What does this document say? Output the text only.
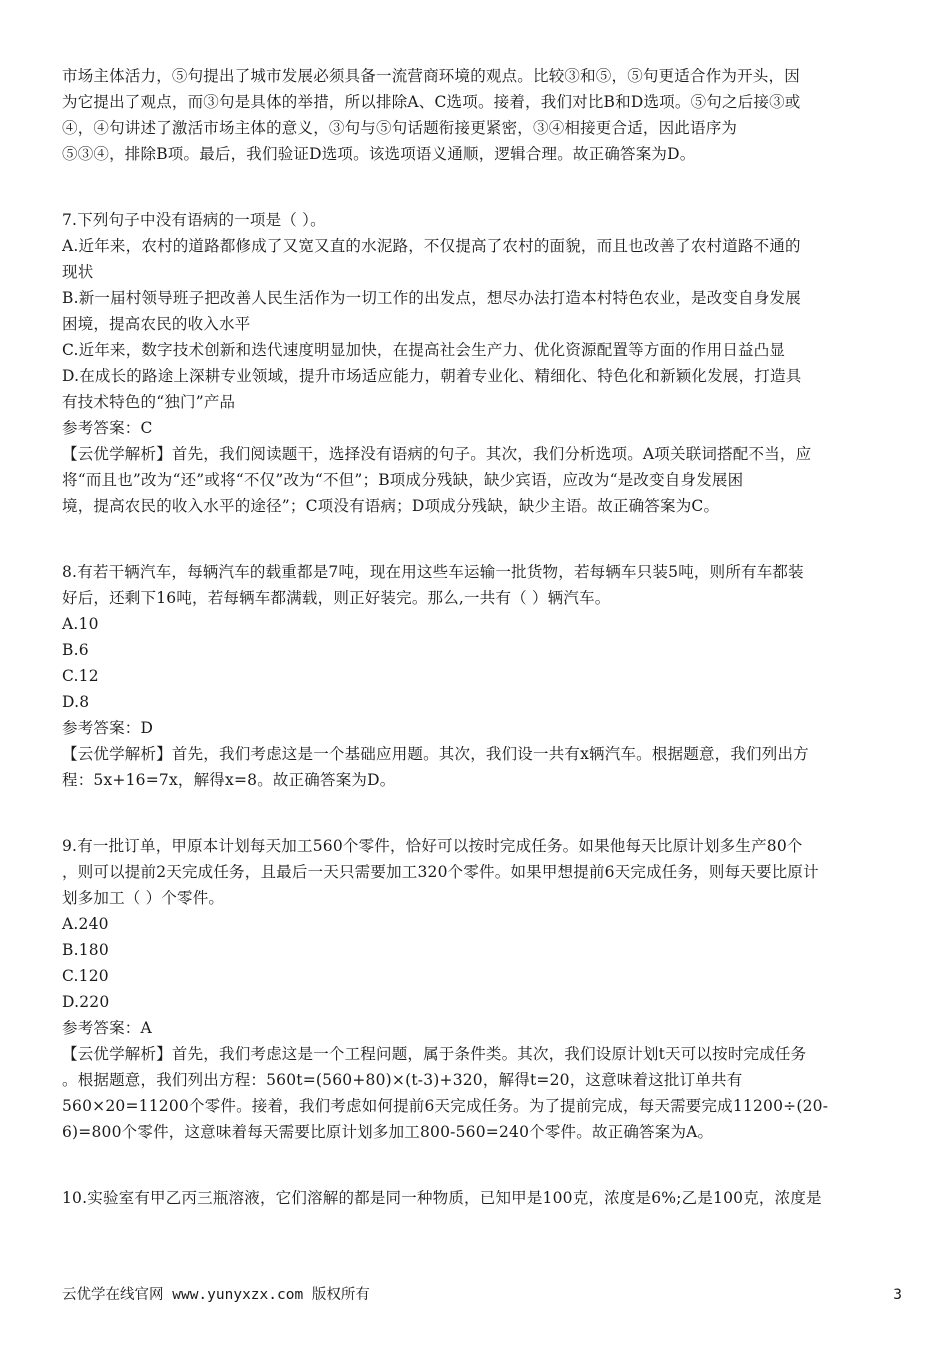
市场主体活力，⑤句提出了城市发展必须具备一流营商环境的观点。比较③和⑤，⑤句更适合作为开头，因

为它提出了观点，而③句是具体的举措，所以排除A、C选项。接着，我们对比B和D选项。⑤句之后接③或

④，④句讲述了激活市场主体的意义，③句与⑤句话题衔接更紧密，③④相接更合适，因此语序为

⑤③④，排除B项。最后，我们验证D选项。该选项语义通顺，逻辑合理。故正确答案为D。

7.下列句子中没有语病的一项是（ ）。

A.近年来，农村的道路都修成了又宽又直的水泥路，不仅提高了农村的面貌，而且也改善了农村道路不通的

现状

B.新一届村领导班子把改善人民生活作为一切工作的出发点，想尽办法打造本村特色农业，是改变自身发展

困境，提高农民的收入水平

C.近年来，数字技术创新和迭代速度明显加快，在提高社会生产力、优化资源配置等方面的作用日益凸显

D.在成长的路途上深耕专业领域，提升市场适应能力，朝着专业化、精细化、特色化和新颖化发展，打造具

有技术特色的“独门”产品

参考答案：C

【云优学解析】首先，我们阅读题干，选择没有语病的句子。其次，我们分析选项。A项关联词搭配不当，应

将“而且也”改为“还”或将“不仅”改为“不但”；B项成分残缺，缺少宾语，应改为“是改变自身发展困

境，提高农民的收入水平的途径”；C项没有语病；D项成分残缺，缺少主语。故正确答案为C。

8.有若干辆汽车，每辆汽车的载重都是7吨，现在用这些车运输一批货物，若每辆车只装5吨，则所有车都装

好后，还剩下16吨，若每辆车都满载，则正好装完。那么,一共有（ ）辆汽车。

A.10

B.6

C.12

D.8

参考答案：D

【云优学解析】首先，我们考虑这是一个基础应用题。其次，我们设一共有x辆汽车。根据题意，我们列出方

程：5x+16=7x，解得x=8。故正确答案为D。

9.有一批订单，甲原本计划每天加工560个零件，恰好可以按时完成任务。如果他每天比原计划多生产80个

，则可以提前2天完成任务，且最后一天只需要加工320个零件。如果甲想提前6天完成任务，则每天要比原计

划多加工（ ）个零件。

A.240

B.180

C.120

D.220

参考答案：A

【云优学解析】首先，我们考虑这是一个工程问题，属于条件类。其次，我们设原计划t天可以按时完成任务

。根据题意，我们列出方程：560t=(560+80)×(t-3)+320，解得t=20，这意味着这批订单共有

560×20=11200个零件。接着，我们考虑如何提前6天完成任务。为了提前完成，每天需要完成11200÷(20-

6)=800个零件，这意味着每天需要比原计划多加工800-560=240个零件。故正确答案为A。

10.实验室有甲乙丙三瓶溶液，它们溶解的都是同一种物质，已知甲是100克，浓度是6%;乙是100克，浓度是

云优学在线官网 www.yunyxzx.com 版权所有	3
